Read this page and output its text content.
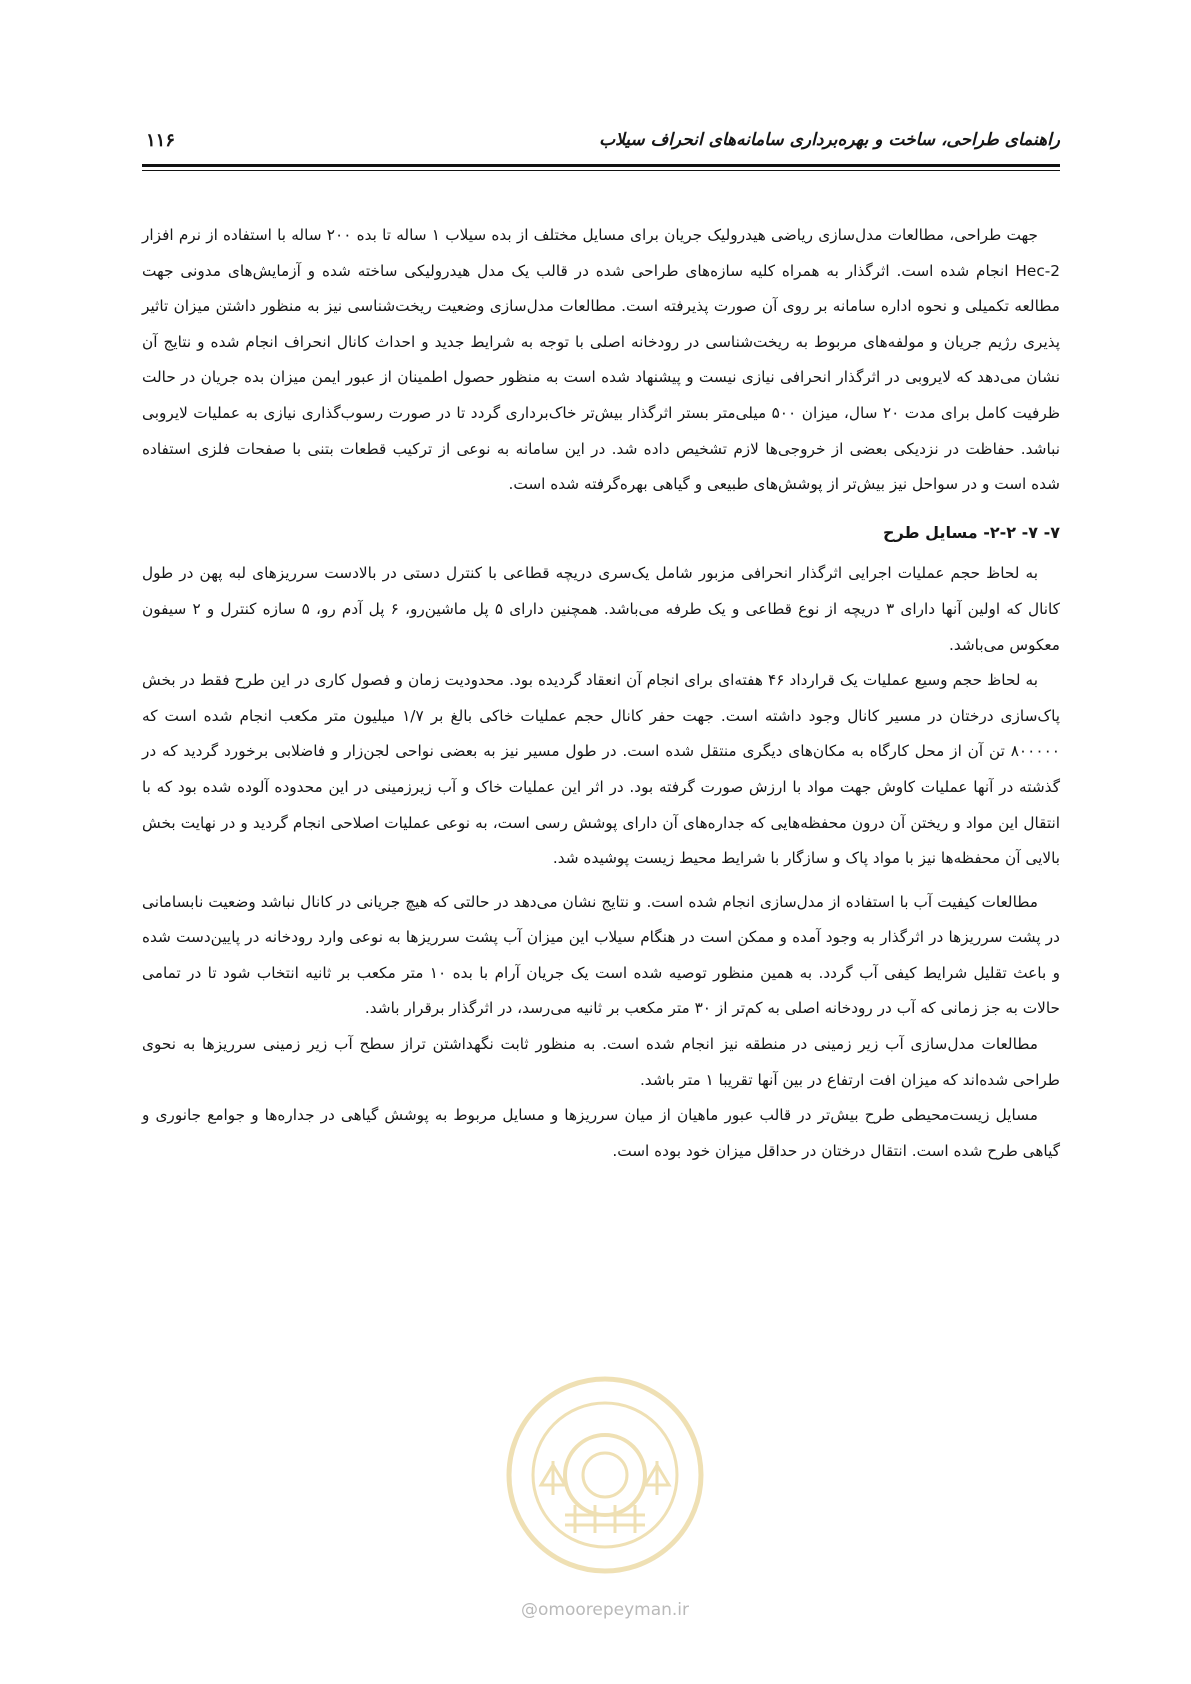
راهنمای طراحی، ساخت و بهره‌برداری سامانه‌های انحراف سیلاب
۱۱۶

جهت طراحی، مطالعات مدل‌سازی ریاضی هیدرولیک جریان برای مسایل مختلف از بده سیلاب ۱ ساله تا بده ۲۰۰ ساله با استفاده از نرم افزار Hec-2 انجام شده است. اثرگذار به همراه کلیه سازه‌های طراحی شده در قالب یک مدل هیدرولیکی ساخته شده و آزمایش‌های مدونی جهت مطالعه تکمیلی و نحوه اداره سامانه بر روی آن صورت پذیرفته است. مطالعات مدل‌سازی وضعیت ریخت‌شناسی نیز به منظور داشتن میزان تاثیر پذیری رژیم جریان و مولفه‌های مربوط به ریخت‌شناسی در رودخانه اصلی با توجه به شرایط جدید و احداث کانال انحراف انجام شده و نتایج آن نشان می‌دهد که لایروبی در اثرگذار انحرافی نیازی نیست و پیشنهاد شده است به منظور حصول اطمینان از عبور ایمن میزان بده جریان در حالت ظرفیت کامل برای مدت ۲۰ سال، میزان ۵۰۰ میلی‌متر بستر اثرگذار بیش‌تر خاک‌برداری گردد تا در صورت رسوب‌گذاری نیازی به عملیات لایروبی نباشد. حفاظت در نزدیکی بعضی از خروجی‌ها لازم تشخیص داده شد. در این سامانه به نوعی از ترکیب قطعات بتنی با صفحات فلزی استفاده شده است و در سواحل نیز بیش‌تر از پوشش‌های طبیعی و گیاهی بهره‌گرفته شده است.

۷- ۷- ۲-۲- مسایل طرح

به لحاظ حجم عملیات اجرایی اثرگذار انحرافی مزبور شامل یک‌سری دریچه قطاعی با کنترل دستی در بالادست سرریزهای لبه پهن در طول کانال که اولین آنها دارای ۳ دریچه از نوع قطاعی و یک طرفه می‌باشد. همچنین دارای ۵ پل ماشین‌رو، ۶ پل آدم رو، ۵ سازه کنترل و ۲ سیفون معکوس می‌باشد.

به لحاظ حجم وسیع عملیات یک قرارداد ۴۶ هفته‌ای برای انجام آن انعقاد گردیده بود. محدودیت زمان و فصول کاری در این طرح فقط در بخش پاک‌سازی درختان در مسیر کانال وجود داشته است. جهت حفر کانال حجم عملیات خاکی بالغ بر ۱/۷ میلیون متر مکعب انجام شده است که ۸۰۰۰۰۰ تن آن از محل کارگاه به مکان‌های دیگری منتقل شده است. در طول مسیر نیز به بعضی نواحی لجن‌زار و فاضلابی برخورد گردید که در گذشته در آنها عملیات کاوش جهت مواد با ارزش صورت گرفته بود. در اثر این عملیات خاک و آب زیرزمینی در این محدوده آلوده شده بود که با انتقال این مواد و ریختن آن درون محفظه‌هایی که جداره‌های آن دارای پوشش رسی است، به نوعی عملیات اصلاحی انجام گردید و در نهایت بخش بالایی آن محفظه‌ها نیز با مواد پاک و سازگار با شرایط محیط زیست پوشیده شد.

مطالعات کیفیت آب با استفاده از مدل‌سازی انجام شده است. و نتایج نشان می‌دهد در حالتی که هیچ جریانی در کانال نباشد وضعیت نابسامانی در پشت سرریزها در اثرگذار به وجود آمده و ممکن است در هنگام سیلاب این میزان آب پشت سرریزها به نوعی وارد رودخانه در پایین‌دست شده و باعث تقلیل شرایط کیفی آب گردد. به همین منظور توصیه شده است یک جریان آرام با بده ۱۰ متر مکعب بر ثانیه انتخاب شود تا در تمامی حالات به جز زمانی که آب در رودخانه اصلی به کم‌تر از ۳۰ متر مکعب بر ثانیه می‌رسد، در اثرگذار برقرار باشد.

مطالعات مدل‌سازی آب زیر زمینی در منطقه نیز انجام شده است. به منظور ثابت نگهداشتن تراز سطح آب زیر زمینی سرریزها به نحوی طراحی شده‌اند که میزان افت ارتفاع در بین آنها تقریبا ۱ متر باشد.

مسایل زیست‌محیطی طرح بیش‌تر در قالب عبور ماهیان از میان سرریزها و مسایل مربوط به پوشش گیاهی در جداره‌ها و جوامع جانوری و گیاهی طرح شده است. انتقال درختان در حداقل میزان خود بوده است.

@omoorepeyman.ir
